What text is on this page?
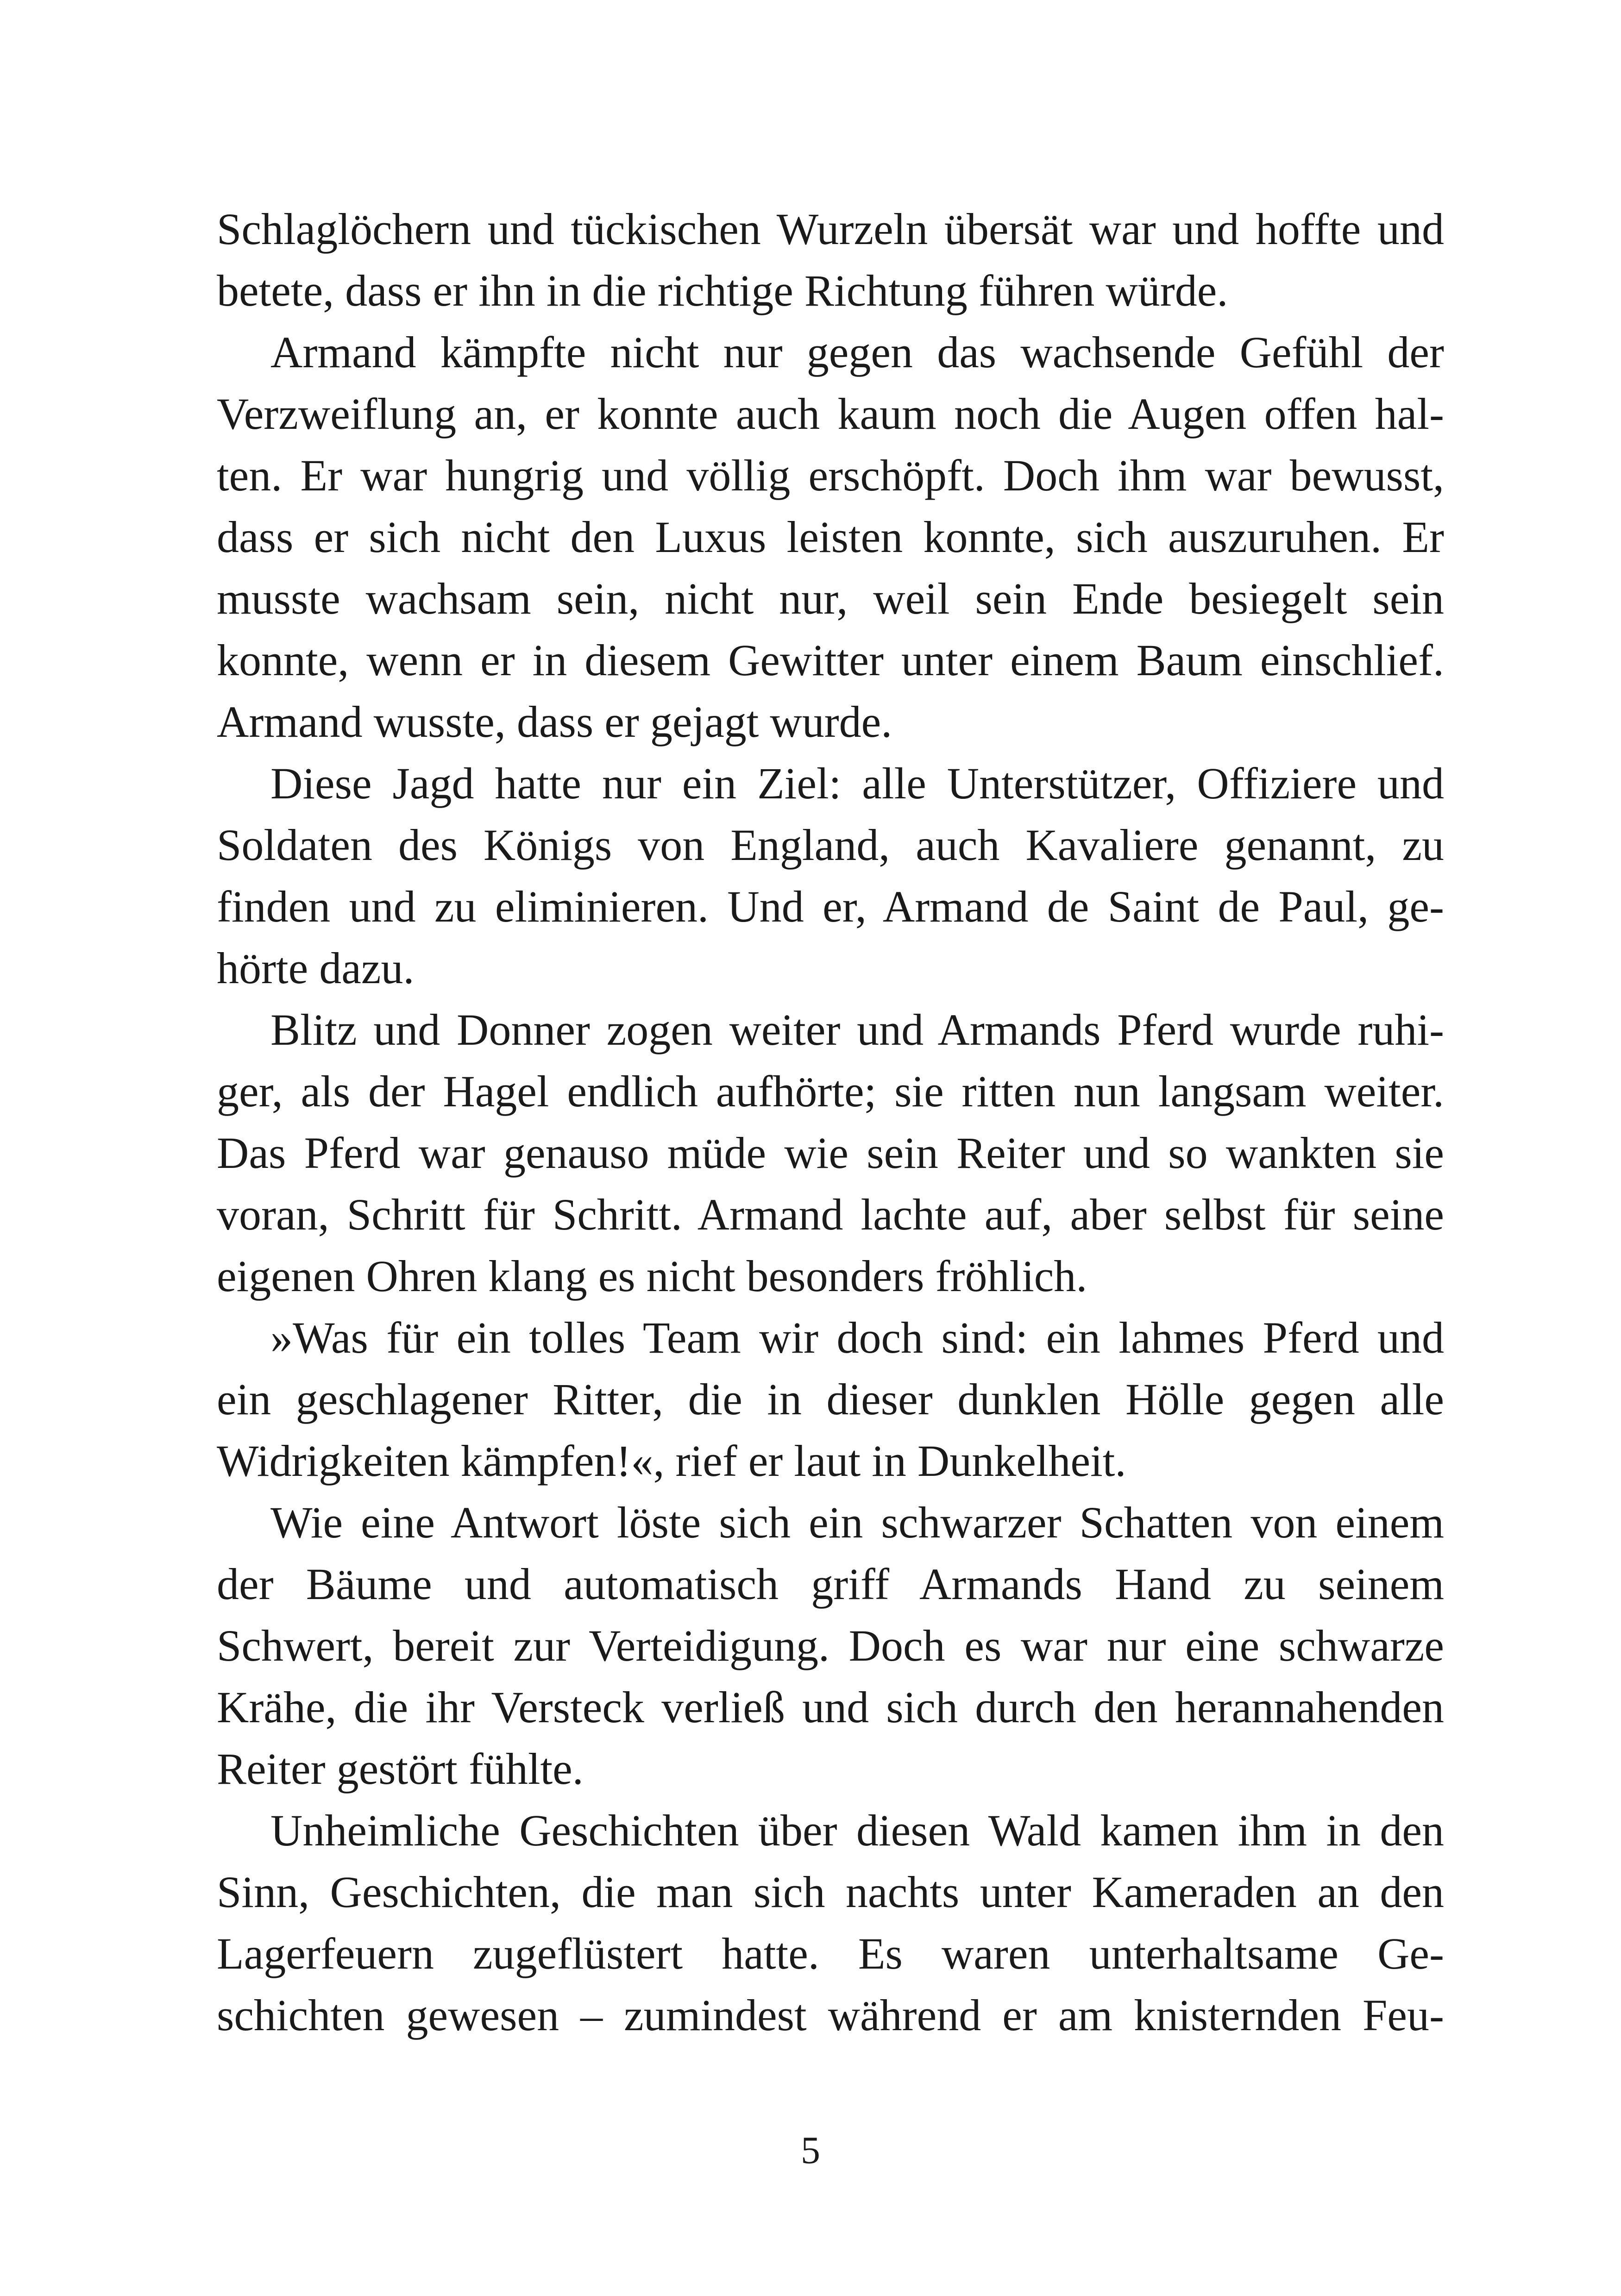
Schlaglöchern und tückischen Wurzeln übersät war und hoffte und
betete, dass er ihn in die richtige Richtung führen würde.
Armand kämpfte nicht nur gegen das wachsende Gefühl der
Verzweiflung an, er konnte auch kaum noch die Augen offen hal-
ten. Er war hungrig und völlig erschöpft. Doch ihm war bewusst,
dass er sich nicht den Luxus leisten konnte, sich auszuruhen. Er
musste wachsam sein, nicht nur, weil sein Ende besiegelt sein
konnte, wenn er in diesem Gewitter unter einem Baum einschlief.
Armand wusste, dass er gejagt wurde.
Diese Jagd hatte nur ein Ziel: alle Unterstützer, Offiziere und
Soldaten des Königs von England, auch Kavaliere genannt, zu
finden und zu eliminieren. Und er, Armand de Saint de Paul, ge-
hörte dazu.
Blitz und Donner zogen weiter und Armands Pferd wurde ruhi-
ger, als der Hagel endlich aufhörte; sie ritten nun langsam weiter.
Das Pferd war genauso müde wie sein Reiter und so wankten sie
voran, Schritt für Schritt. Armand lachte auf, aber selbst für seine
eigenen Ohren klang es nicht besonders fröhlich.
»Was für ein tolles Team wir doch sind: ein lahmes Pferd und
ein geschlagener Ritter, die in dieser dunklen Hölle gegen alle
Widrigkeiten kämpfen!«, rief er laut in Dunkelheit.
Wie eine Antwort löste sich ein schwarzer Schatten von einem
der Bäume und automatisch griff Armands Hand zu seinem
Schwert, bereit zur Verteidigung. Doch es war nur eine schwarze
Krähe, die ihr Versteck verließ und sich durch den herannahenden
Reiter gestört fühlte.
Unheimliche Geschichten über diesen Wald kamen ihm in den
Sinn, Geschichten, die man sich nachts unter Kameraden an den
Lagerfeuern zugeflüstert hatte. Es waren unterhaltsame Ge-
schichten gewesen – zumindest während er am knisternden Feu-
5
